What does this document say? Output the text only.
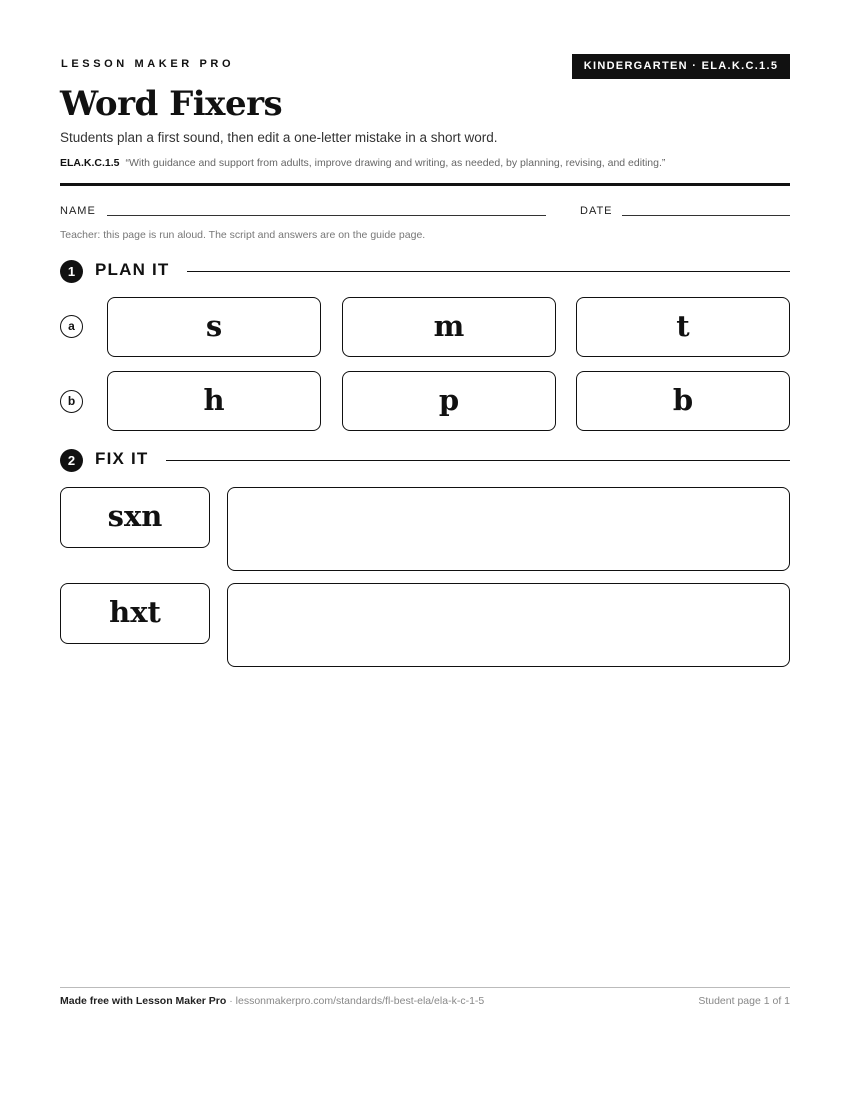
LESSON MAKER PRO	KINDERGARTEN · ELA.K.C.1.5
Word Fixers
Students plan a first sound, then edit a one-letter mistake in a short word.
ELA.K.C.1.5 “With guidance and support from adults, improve drawing and writing, as needed, by planning, revising, and editing.”
NAME	DATE
Teacher: this page is run aloud. The script and answers are on the guide page.
1	PLAN IT
a	s	m	t
b	h	p	b
2	FIX IT
sxn
hxt
Made free with Lesson Maker Pro · lessonmakerpro.com/standards/fl-best-ela/ela-k-c-1-5	Student page 1 of 1
